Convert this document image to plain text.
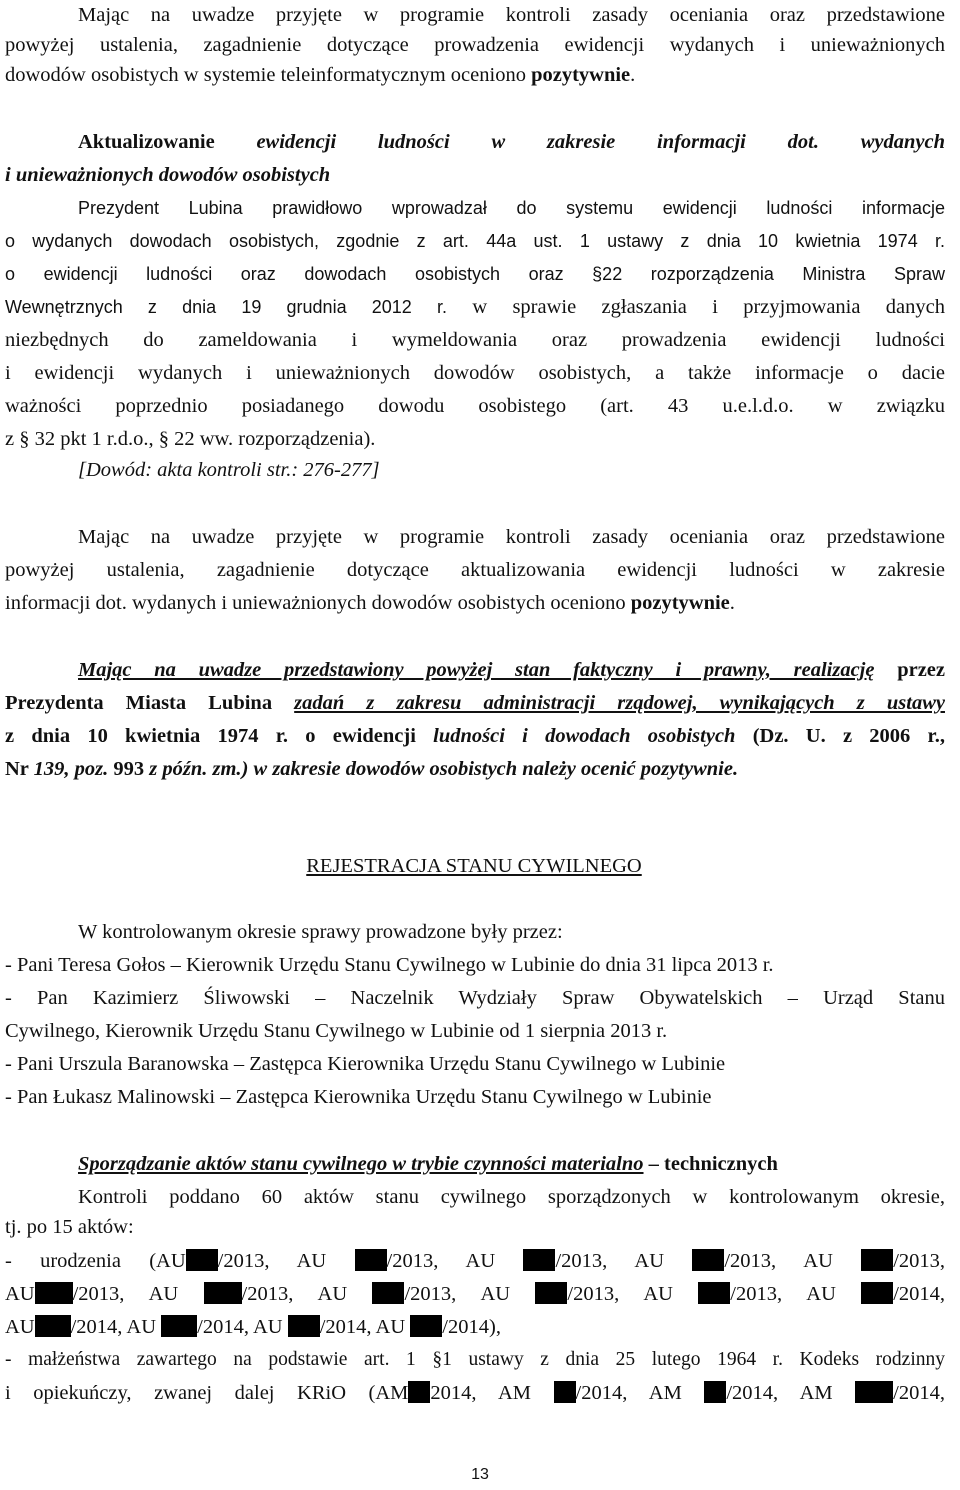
Mając na uwadze przyjęte w programie kontroli zasady oceniania oraz przedstawione
powyżej ustalenia, zagadnienie dotyczące prowadzenia ewidencji wydanych i unieważnionych
dowodów osobistych w systemie teleinformatycznym oceniono pozytywnie.
Aktualizowanie ewidencji ludności w zakresie informacji dot. wydanych
i unieważnionych dowodów osobistych
Prezydent Lubina prawidłowo wprowadzał do systemu ewidencji ludności informacje
o wydanych dowodach osobistych, zgodnie z art. 44a ust. 1 ustawy z dnia 10 kwietnia 1974 r.
o ewidencji ludności oraz dowodach osobistych oraz §22 rozporządzenia Ministra Spraw
Wewnętrznych z dnia 19 grudnia 2012 r. w sprawie zgłaszania i przyjmowania danych
niezbędnych do zameldowania i wymeldowania oraz prowadzenia ewidencji ludności
i ewidencji wydanych i unieważnionych dowodów osobistych, a także informacje o dacie
ważności poprzednio posiadanego dowodu osobistego (art. 43 u.e.l.d.o. w związku
z § 32 pkt 1 r.d.o., § 22 ww. rozporządzenia).
[Dowód: akta kontroli str.: 276-277]
Mając na uwadze przyjęte w programie kontroli zasady oceniania oraz przedstawione
powyżej ustalenia, zagadnienie dotyczące aktualizowania ewidencji ludności w zakresie
informacji dot. wydanych i unieważnionych dowodów osobistych oceniono pozytywnie.
Mając na uwadze przedstawiony powyżej stan faktyczny i prawny, realizację przez
Prezydenta Miasta Lubina zadań z zakresu administracji rządowej, wynikających z ustawy
z dnia 10 kwietnia 1974 r. o ewidencji ludności i dowodach osobistych (Dz. U. z 2006 r.,
Nr 139, poz. 993 z późn. zm.) w zakresie dowodów osobistych należy ocenić pozytywnie.
REJESTRACJA STANU CYWILNEGO
W kontrolowanym okresie sprawy prowadzone były przez:
- Pani Teresa Gołos – Kierownik Urzędu Stanu Cywilnego w Lubinie do dnia 31 lipca 2013 r.
- Pan Kazimierz Śliwowski – Naczelnik Wydziały Spraw Obywatelskich – Urząd Stanu
Cywilnego, Kierownik Urzędu Stanu Cywilnego w Lubinie od 1 sierpnia 2013 r.
- Pani Urszula Baranowska – Zastępca Kierownika Urzędu Stanu Cywilnego w Lubinie
- Pan Łukasz Malinowski – Zastępca Kierownika Urzędu Stanu Cywilnego w Lubinie
Sporządzanie aktów stanu cywilnego w trybie czynności materialno – technicznych
Kontroli poddano 60 aktów stanu cywilnego sporządzonych w kontrolowanym okresie,
tj. po 15 aktów:
- urodzenia (AU /2013, AU	/2013, AU	/2013, AU	/2013, AU	/2013,
AU /2013, AU	/2013, AU	/2013, AU	/2013, AU	/2013, AU	/2014,
AU /2014, AU /2014, AU /2014, AU /2014),
- małżeństwa zawartego na podstawie art. 1 §1 ustawy z dnia 25 lutego 1964 r. Kodeks rodzinny
i opiekuńczy, zwanej dalej KRiO (AM 2014, AM /2014, AM /2014, AM	/2014,
13
